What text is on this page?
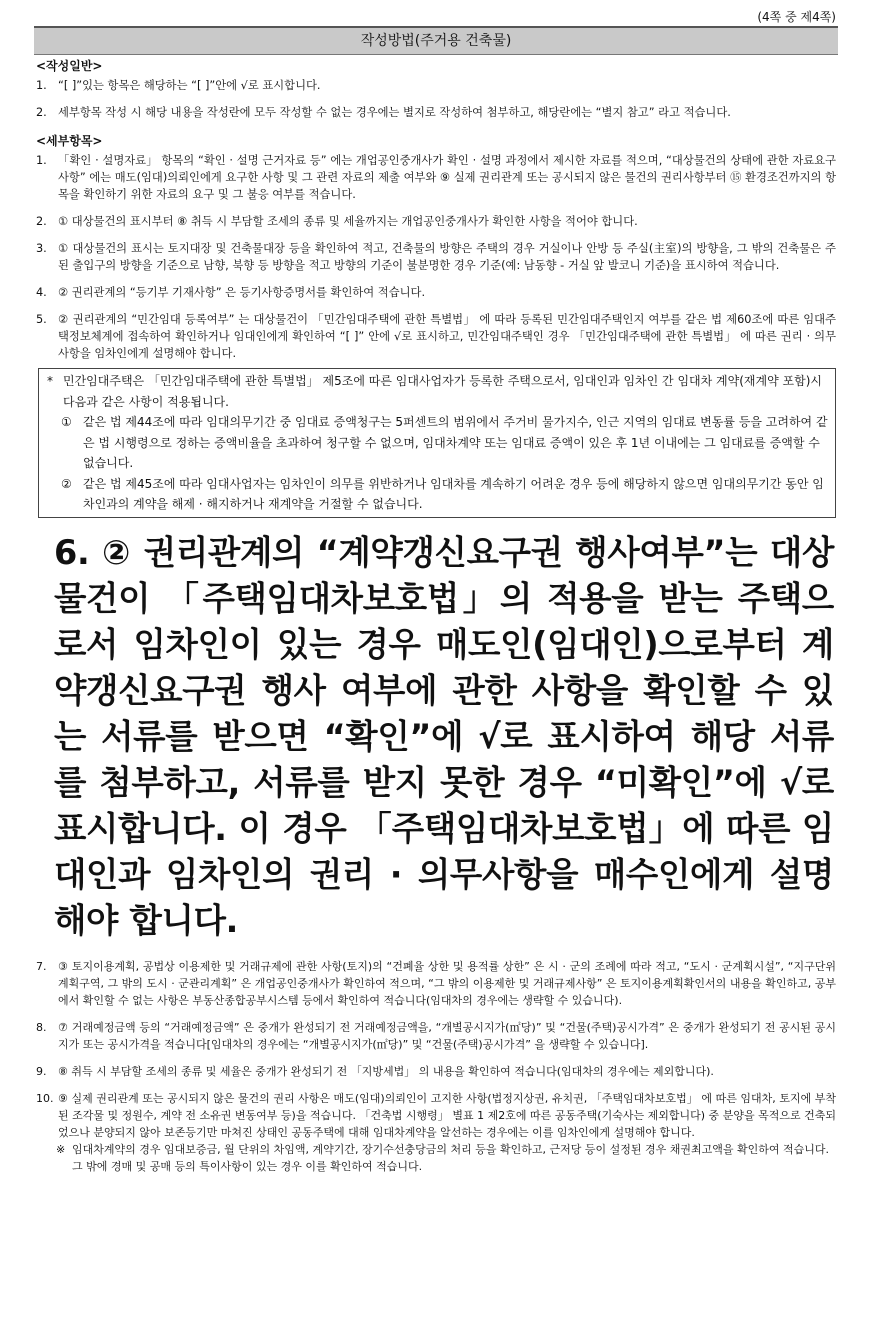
(4쪽 중 제4쪽)
작성방법(주거용 건축물)
<작성일반>
1. “[ ]”있는 항목은 해당하는 “[ ]”안에 √로 표시합니다.
2. 세부항목 작성 시 해당 내용을 작성란에 모두 작성할 수 없는 경우에는 별지로 작성하여 첨부하고, 해당란에는 “별지 참고” 라고 적습니다.
<세부항목>
1. 「확인 · 설명자료」 항목의 “확인 · 설명 근거자료 등” 에는 개업공인중개사가 확인 · 설명 과정에서 제시한 자료를 적으며, “대상물건의 상태에 관한 자료요구 사항” 에는 매도(임대)의뢰인에게 요구한 사항 및 그 관련 자료의 제출 여부와 ⑨ 실제 권리관계 또는 공시되지 않은 물건의 권리사항부터 ⑮ 환경조건까지의 항목을 확인하기 위한 자료의 요구 및 그 불응 여부를 적습니다.
2. ① 대상물건의 표시부터 ⑧ 취득 시 부담할 조세의 종류 및 세율까지는 개업공인중개사가 확인한 사항을 적어야 합니다.
3. ① 대상물건의 표시는 토지대장 및 건축물대장 등을 확인하여 적고, 건축물의 방향은 주택의 경우 거실이나 안방 등 주실(主室)의 방향을, 그 밖의 건축물은 주된 출입구의 방향을 기준으로 남향, 북향 등 방향을 적고 방향의 기준이 불분명한 경우 기준(예: 남동향 - 거실 앞 발코니 기준)을 표시하여 적습니다.
4. ② 권리관계의 “등기부 기재사항” 은 등기사항증명서를 확인하여 적습니다.
5. ② 권리관계의 “민간임대 등록여부” 는 대상물건이 「민간임대주택에 관한 특별법」 에 따라 등록된 민간임대주택인지 여부를 같은 법 제60조에 따른 임대주택정보체계에 접속하여 확인하거나 임대인에게 확인하여 “[ ]” 안에 √로 표시하고, 민간임대주택인 경우 「민간임대주택에 관한 특별법」 에 따른 권리 · 의무사항을 임차인에게 설명해야 합니다.
* 민간임대주택은 「민간임대주택에 관한 특별법」 제5조에 따른 임대사업자가 등록한 주택으로서, 임대인과 임차인 간 임대차 계약(재계약 포함)시 다음과 같은 사항이 적용됩니다.
① 같은 법 제44조에 따라 임대의무기간 중 임대료 증액청구는 5퍼센트의 범위에서 주거비 물가지수, 인근 지역의 임대료 변동률 등을 고려하여 같은 법 시행령으로 정하는 증액비율을 초과하여 청구할 수 없으며, 임대차계약 또는 임대료 증액이 있은 후 1년 이내에는 그 임대료를 증액할 수 없습니다.
② 같은 법 제45조에 따라 임대사업자는 임차인이 의무를 위반하거나 임대차를 계속하기 어려운 경우 등에 해당하지 않으면 임대의무기간 동안 임차인과의 계약을 해제 · 해지하거나 재계약을 거절할 수 없습니다.
6. ② 권리관계의 “계약갱신요구권 행사여부”는 대상물건이 「주택임대차보호법」의 적용을 받는 주택으로서 임차인이 있는 경우 매도인(임대인)으로부터 계약갱신요구권 행사 여부에 관한 사항을 확인할 수 있는 서류를 받으면 “확인”에 √로 표시하여 해당 서류를 첨부하고, 서류를 받지 못한 경우 “미확인”에 √로 표시합니다. 이 경우 「주택임대차보호법」에 따른 임대인과 임차인의 권리 · 의무사항을 매수인에게 설명해야 합니다.
7.	③ 토지이용계획, 공법상 이용제한 및 거래규제에 관한 사항(토지)의 “건폐율 상한 및 용적률 상한” 은 시 · 군의 조례에 따라 적고, “도시 · 군계획시설”, “지구단위계획구역, 그 밖의 도시 · 군관리계획” 은 개업공인중개사가 확인하여 적으며, “그 밖의 이용제한 및 거래규제사항” 은 토지이용계획확인서의 내용을 확인하고, 공부에서 확인할 수 없는 사항은 부동산종합공부시스템 등에서 확인하여 적습니다(임대차의 경우에는 생략할 수 있습니다).
8.	⑦ 거래예정금액 등의 “거래예정금액” 은 중개가 완성되기 전 거래예정금액을, “개별공시지가(㎡당)” 및 “건물(주택)공시가격” 은 중개가 완성되기 전 공시된 공시지가 또는 공시가격을 적습니다[임대차의 경우에는 “개별공시지가(㎡당)” 및 “건물(주택)공시가격” 을 생략할 수 있습니다].
9.	⑧ 취득 시 부담할 조세의 종류 및 세율은 중개가 완성되기 전 「지방세법」 의 내용을 확인하여 적습니다(임대차의 경우에는 제외합니다).
10. ⑨ 실제 권리관계 또는 공시되지 않은 물건의 권리 사항은 매도(임대)의뢰인이 고지한 사항(법정지상권, 유치권, 「주택임대차보호법」 에 따른 임대차, 토지에 부착된 조각물 및 정원수, 계약 전 소유권 변동여부 등)을 적습니다. 「건축법 시행령」 별표 1 제2호에 따른 공동주택(기숙사는 제외합니다) 중 분양을 목적으로 건축되었으나 분양되지 않아 보존등기만 마쳐진 상태인 공동주택에 대해 임대차계약을 알선하는 경우에는 이를 임차인에게 설명해야 합니다.
※ 임대차계약의 경우 임대보증금, 월 단위의 차임액, 계약기간, 장기수선충당금의 처리 등을 확인하고, 근저당 등이 설정된 경우 채권최고액을 확인하여 적습니다. 그 밖에 경매 및 공매 등의 특이사항이 있는 경우 이를 확인하여 적습니다.
